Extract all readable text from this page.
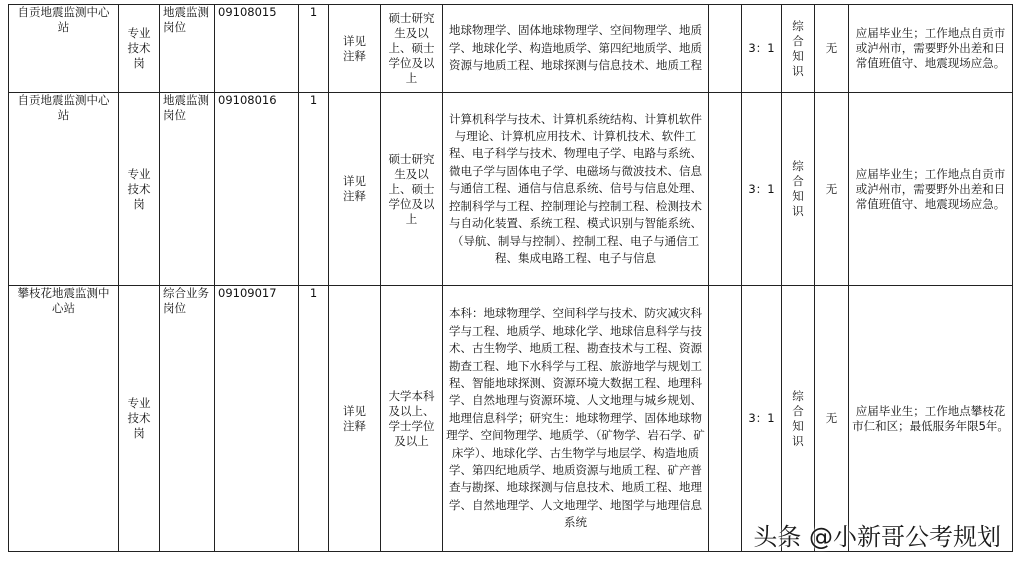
自贡地震监测中心站	专业技术岗	地震监测岗位	09108015	1	详见注释	硕士研究生及以上、硕士学位及以上	地球物理学、固体地球物理学、空间物理学、地质学、地球化学、构造地质学、第四纪地质学、地质资源与地质工程、地球探测与信息技术、地质工程		3：1	综合知识	无	应届毕业生；工作地点自贡市或泸州市，需要野外出差和日常值班值守、地震现场应急。
自贡地震监测中心站	专业技术岗	地震监测岗位	09108016	1	详见注释	硕士研究生及以上、硕士学位及以上	计算机科学与技术、计算机系统结构、计算机软件与理论、计算机应用技术、计算机技术、软件工程、电子科学与技术、物理电子学、电路与系统、微电子学与固体电子学、电磁场与微波技术、信息与通信工程、通信与信息系统、信号与信息处理、控制科学与工程、控制理论与控制工程、检测技术与自动化装置、系统工程、模式识别与智能系统、（导航、制导与控制）、控制工程、电子与通信工程、集成电路工程、电子与信息		3：1	综合知识	无	应届毕业生；工作地点自贡市或泸州市，需要野外出差和日常值班值守、地震现场应急。
攀枝花地震监测中心站	专业技术岗	综合业务岗位	09109017	1	详见注释	大学本科及以上、学士学位及以上	本科：地球物理学、空间科学与技术、防灾减灾科学与工程、地质学、地球化学、地球信息科学与技术、古生物学、地质工程、勘查技术与工程、资源勘查工程、地下水科学与工程、旅游地学与规划工程、智能地球探测、资源环境大数据工程、地理科学、自然地理与资源环境、人文地理与城乡规划、地理信息科学；研究生：地球物理学、固体地球物理学、空间物理学、地质学、（矿物学、岩石学、矿床学）、地球化学、古生物学与地层学、构造地质学、第四纪地质学、地质资源与地质工程、矿产普查与勘探、地球探测与信息技术、地质工程、地理学、自然地理学、人文地理学、地图学与地理信息系统		3：1	综合知识	无	应届毕业生；工作地点攀枝花市仁和区；最低服务年限5年。
头条 @小新哥公考规划
